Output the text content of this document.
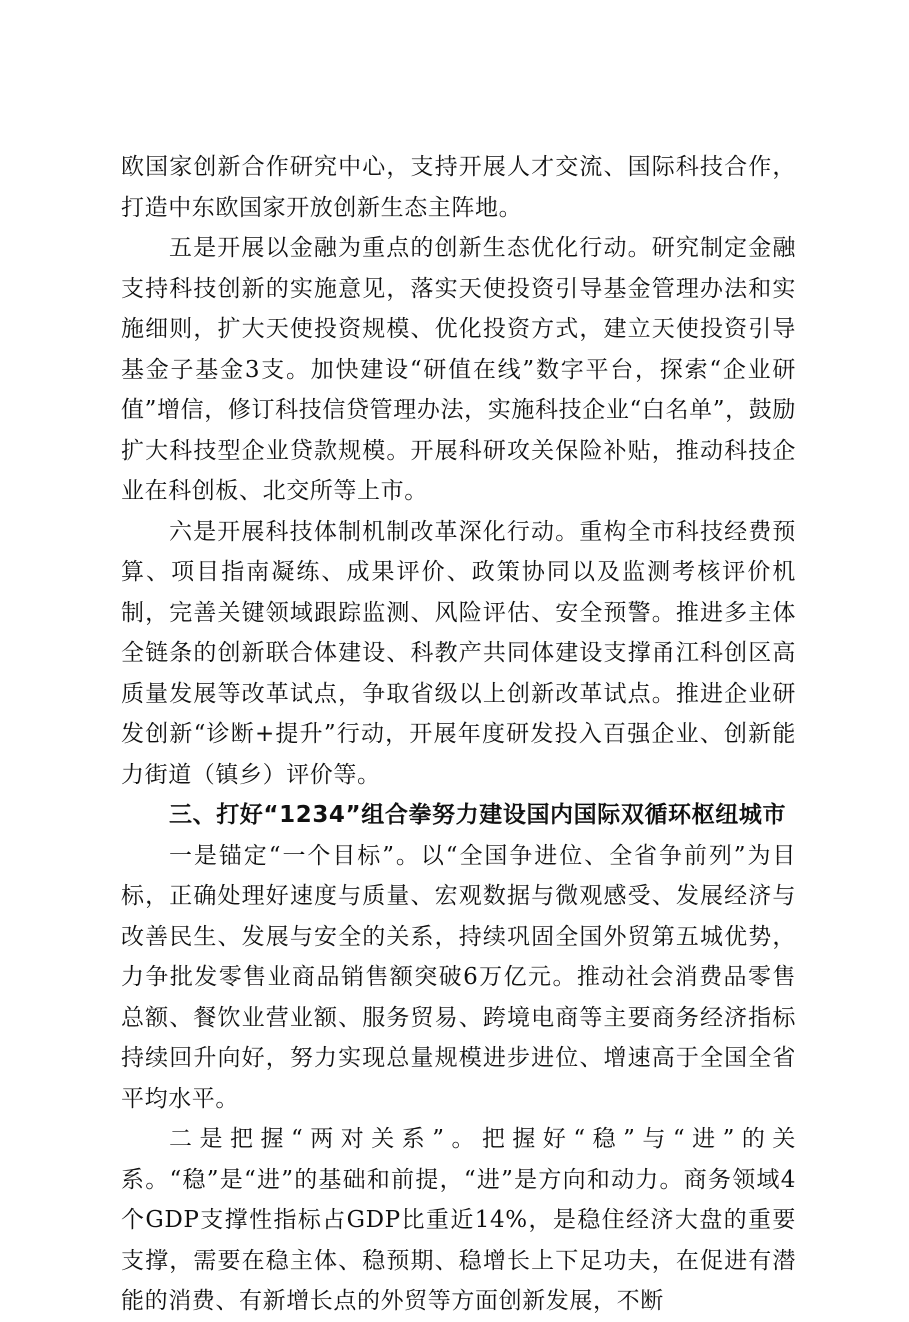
欧国家创新合作研究中心，支持开展人才交流、国际科技合作，打造中东欧国家开放创新生态主阵地。

五是开展以金融为重点的创新生态优化行动。研究制定金融支持科技创新的实施意见，落实天使投资引导基金管理办法和实施细则，扩大天使投资规模、优化投资方式，建立天使投资引导基金子基金3支。加快建设“研值在线”数字平台，探索“企业研值”增信，修订科技信贷管理办法，实施科技企业“白名单”，鼓励扩大科技型企业贷款规模。开展科研攻关保险补贴，推动科技企业在科创板、北交所等上市。

六是开展科技体制机制改革深化行动。重构全市科技经费预算、项目指南凝练、成果评价、政策协同以及监测考核评价机制，完善关键领域跟踪监测、风险评估、安全预警。推进多主体全链条的创新联合体建设、科教产共同体建设支撑甬江科创区高质量发展等改革试点，争取省级以上创新改革试点。推进企业研发创新“诊断+提升”行动，开展年度研发投入百强企业、创新能力街道（镇乡）评价等。

三、打好“1234”组合拳努力建设国内国际双循环枢纽城市

一是锚定“一个目标”。以“全国争进位、全省争前列”为目标，正确处理好速度与质量、宏观数据与微观感受、发展经济与改善民生、发展与安全的关系，持续巩固全国外贸第五城优势，力争批发零售业商品销售额突破6万亿元。推动社会消费品零售总额、餐饮业营业额、服务贸易、跨境电商等主要商务经济指标持续回升向好，努力实现总量规模进步进位、增速高于全国全省平均水平。

二是把握“两对关系”。把握好“稳”与“进”的关系。“稳”是“进”的基础和前提，“进”是方向和动力。商务领域4个GDP支撑性指标占GDP比重近14%，是稳住经济大盘的重要支撑，需要在稳主体、稳预期、稳增长上下足功夫，在促进有潜能的消费、有新增长点的外贸等方面创新发展，不断
